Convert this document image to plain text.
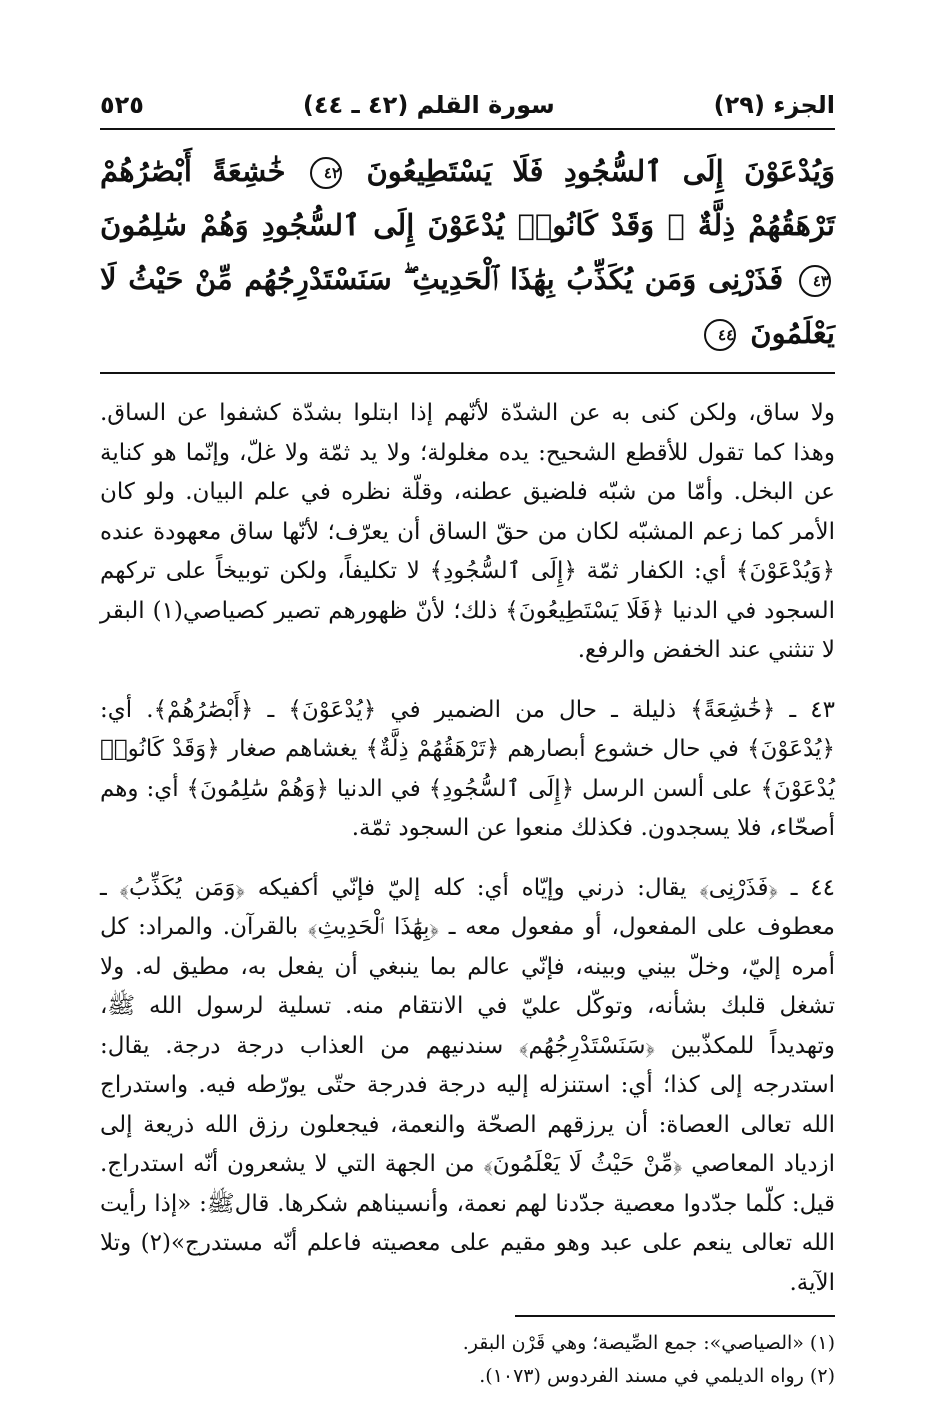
الجزء (٢٩)
سورة القلم (٤٢ ـ ٤٤)
٥٢٥
وَيُدْعَوْنَ إِلَى ٱلسُّجُودِ فَلَا يَسْتَطِيعُونَ ٤٢ خَٰشِعَةً أَبْصَٰرُهُمْ تَرْهَقُهُمْ ذِلَّةٌ ۖ وَقَدْ كَانُوا۟ يُدْعَوْنَ إِلَى ٱلسُّجُودِ وَهُمْ سَٰلِمُونَ ٤٣ فَذَرْنِى وَمَن يُكَذِّبُ بِهَٰذَا ٱلْحَدِيثِ ۖ سَنَسْتَدْرِجُهُم مِّنْ حَيْثُ لَا يَعْلَمُونَ ٤٤

ولا ساق، ولكن كنى به عن الشدّة لأنّهم إذا ابتلوا بشدّة كشفوا عن الساق. وهذا كما تقول للأقطع الشحيح: يده مغلولة؛ ولا يد ثمّة ولا غلّ، وإنّما هو كناية عن البخل. وأمّا من شبّه فلضيق عطنه، وقلّة نظره في علم البيان. ولو كان الأمر كما زعم المشبّه لكان من حقّ الساق أن يعرّف؛ لأنّها ساق معهودة عنده ﴿وَيُدْعَوْنَ﴾ أي: الكفار ثمّة ﴿إِلَى ٱلسُّجُودِ﴾ لا تكليفاً، ولكن توبيخاً على تركهم السجود في الدنيا ﴿فَلَا يَسْتَطِيعُونَ﴾ ذلك؛ لأنّ ظهورهم تصير كصياصي(١) البقر لا تنثني عند الخفض والرفع.

٤٣ ـ ﴿خَٰشِعَةً﴾ ذليلة ـ حال من الضمير في ﴿يُدْعَوْنَ﴾ ـ ﴿أَبْصَٰرُهُمْ﴾. أي: ﴿يُدْعَوْنَ﴾ في حال خشوع أبصارهم ﴿تَرْهَقُهُمْ ذِلَّةٌ﴾ يغشاهم صغار ﴿وَقَدْ كَانُوا۟ يُدْعَوْنَ﴾ على ألسن الرسل ﴿إِلَى ٱلسُّجُودِ﴾ في الدنيا ﴿وَهُمْ سَٰلِمُونَ﴾ أي: وهم أصحّاء، فلا يسجدون. فكذلك منعوا عن السجود ثمّة.

٤٤ ـ ﴿فَذَرْنِى﴾ يقال: ذرني وإيّاه أي: كله إليّ فإنّي أكفيكه ﴿وَمَن يُكَذِّبُ﴾ ـ معطوف على المفعول، أو مفعول معه ـ ﴿بِهَٰذَا ٱلْحَدِيثِ﴾ بالقرآن. والمراد: كل أمره إليّ، وخلّ بيني وبينه، فإنّي عالم بما ينبغي أن يفعل به، مطيق له. ولا تشغل قلبك بشأنه، وتوكّل عليّ في الانتقام منه. تسلية لرسول الله ﷺ، وتهديداً للمكذّبين ﴿سَنَسْتَدْرِجُهُم﴾ سندنيهم من العذاب درجة درجة. يقال: استدرجه إلى كذا؛ أي: استنزله إليه درجة فدرجة حتّى يورّطه فيه. واستدراج الله تعالى العصاة: أن يرزقهم الصحّة والنعمة، فيجعلون رزق الله ذريعة إلى ازدياد المعاصي ﴿مِّنْ حَيْثُ لَا يَعْلَمُونَ﴾ من الجهة التي لا يشعرون أنّه استدراج. قيل: كلّما جدّدوا معصية جدّدنا لهم نعمة، وأنسيناهم شكرها. قالﷺ: «إذا رأيت الله تعالى ينعم على عبد وهو مقيم على معصيته فاعلم أنّه مستدرج»(٢) وتلا الآية.

(١) «الصياصي»: جمع الصِّيصة؛ وهي قَرْن البقر.

(٢) رواه الديلمي في مسند الفردوس (١٠٧٣).
